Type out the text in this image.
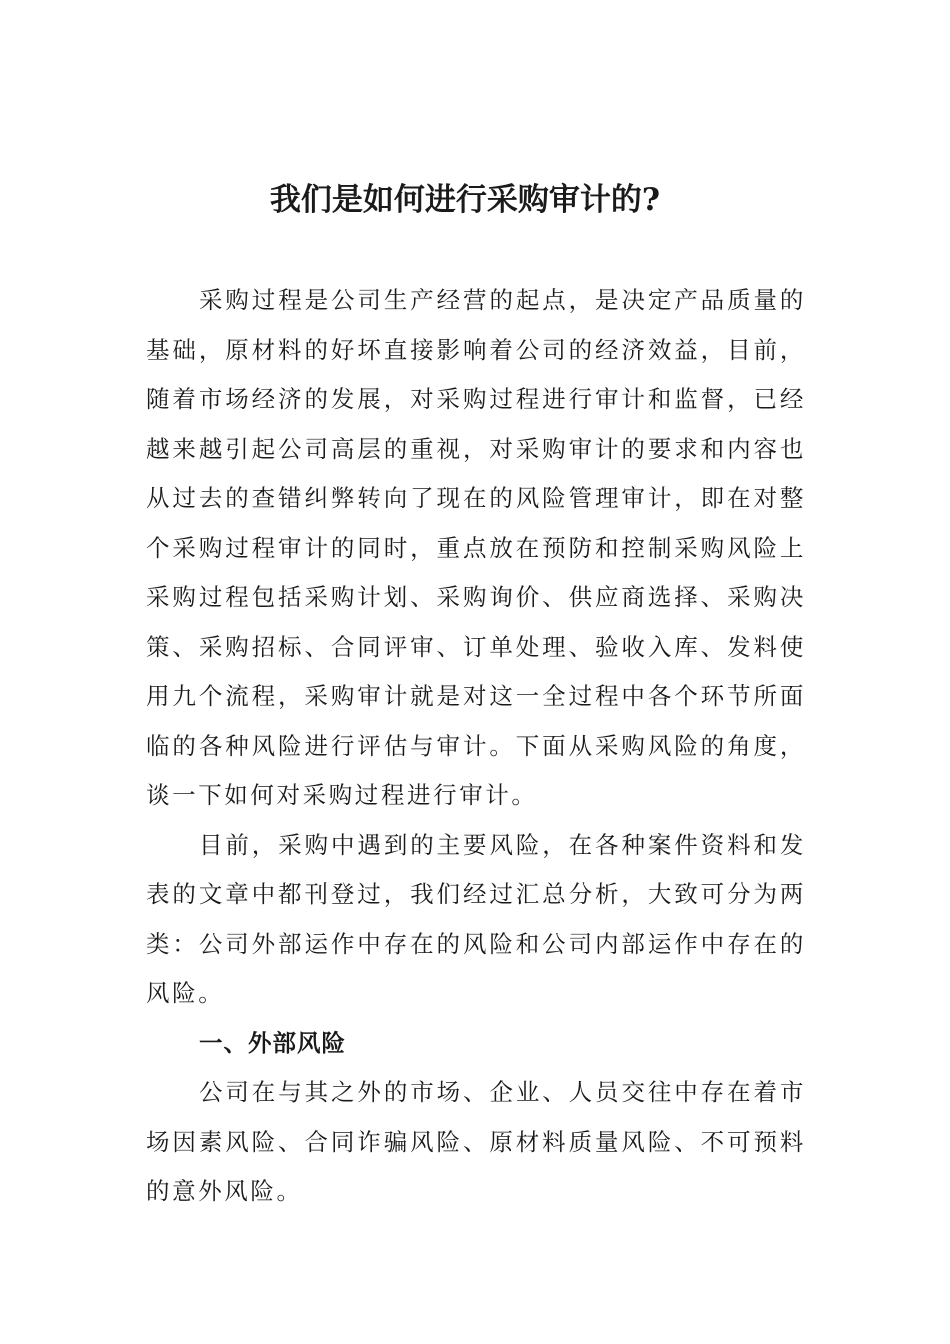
我们是如何进行采购审计的?

采购过程是公司生产经营的起点，是决定产品质量的基础，原材料的好坏直接影响着公司的经济效益，目前，随着市场经济的发展，对采购过程进行审计和监督，已经越来越引起公司高层的重视，对采购审计的要求和内容也从过去的查错纠弊转向了现在的风险管理审计，即在对整个采购过程审计的同时，重点放在预防和控制采购风险上采购过程包括采购计划、采购询价、供应商选择、采购决策、采购招标、合同评审、订单处理、验收入库、发料使用九个流程，采购审计就是对这一全过程中各个环节所面临的各种风险进行评估与审计。下面从采购风险的角度，谈一下如何对采购过程进行审计。

目前，采购中遇到的主要风险，在各种案件资料和发表的文章中都刊登过，我们经过汇总分析，大致可分为两类：公司外部运作中存在的风险和公司内部运作中存在的风险。

一、外部风险

公司在与其之外的市场、企业、人员交往中存在着市场因素风险、合同诈骗风险、原材料质量风险、不可预料的意外风险。
